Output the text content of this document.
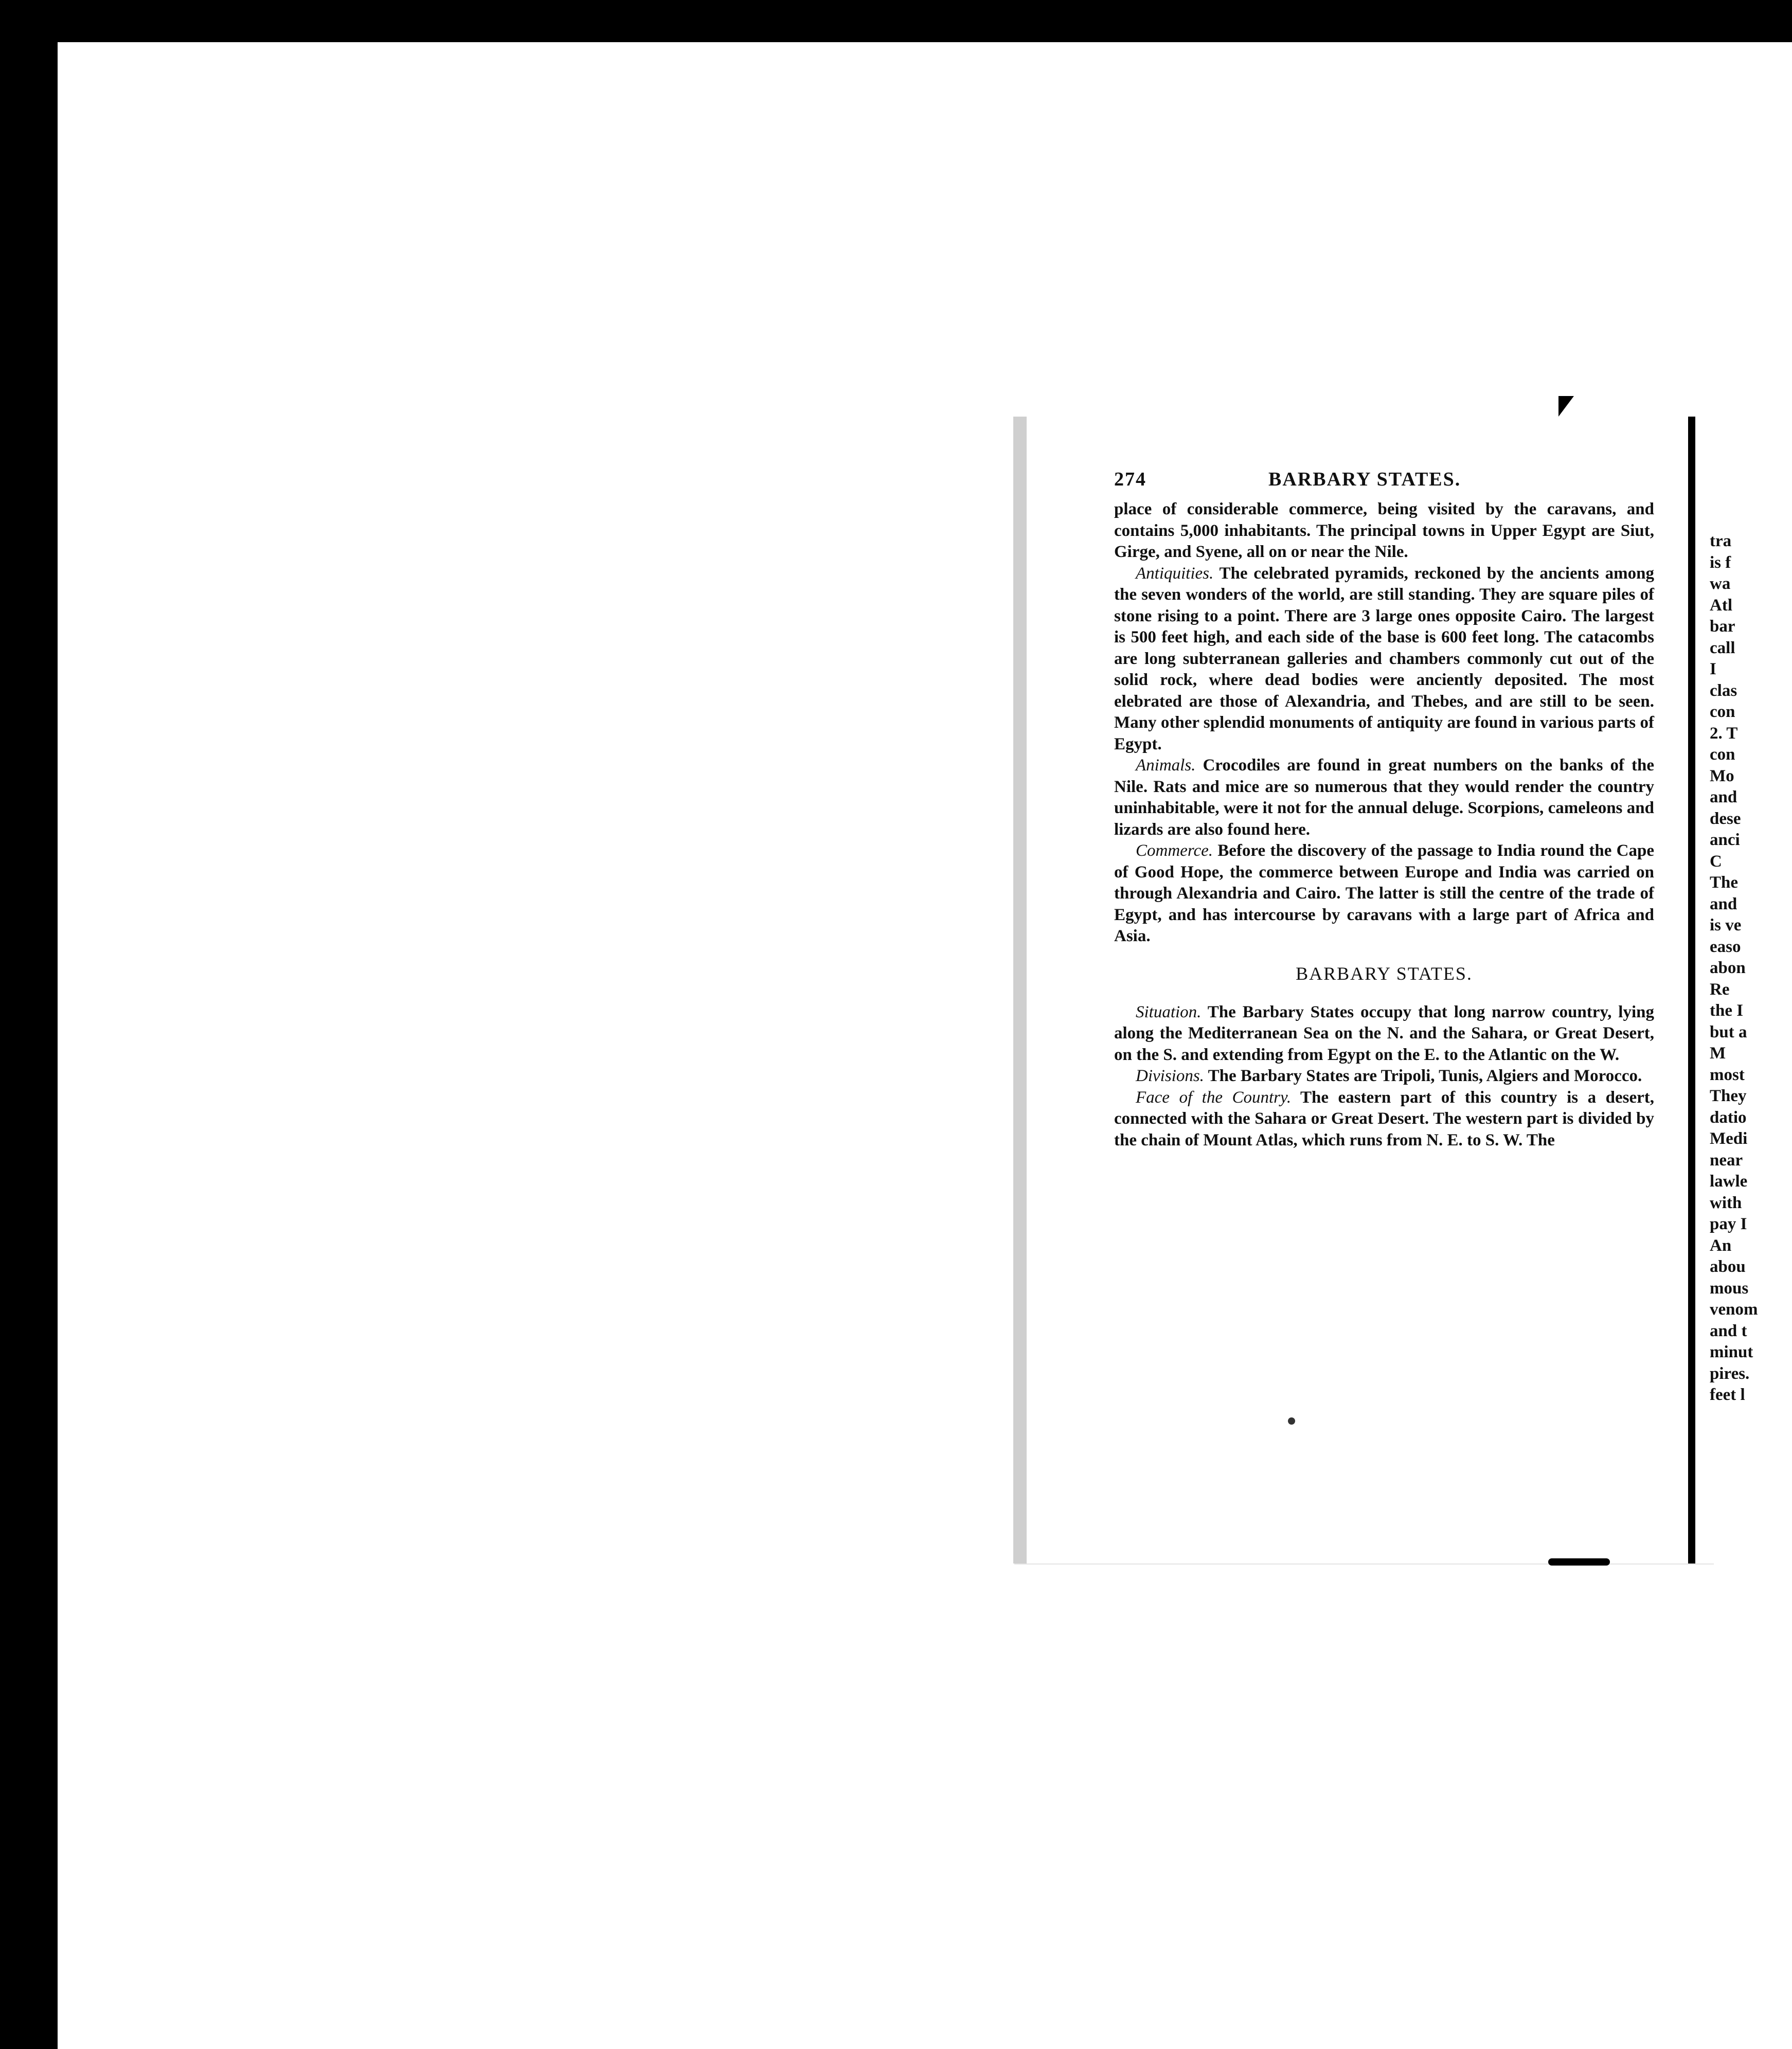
274	BARBARY STATES.

place of considerable commerce, being visited by the caravans, and contains 5,000 inhabitants. The principal towns in Upper Egypt are Siut, Girge, and Syene, all on or near the Nile.

Antiquities. The celebrated pyramids, reckoned by the ancients among the seven wonders of the world, are still standing. They are square piles of stone rising to a point. There are 3 large ones opposite Cairo. The largest is 500 feet high, and each side of the base is 600 feet long. The catacombs are long subterranean galleries and chambers commonly cut out of the solid rock, where dead bodies were anciently deposited. The most elebrated are those of Alexandria, and Thebes, and are still to be seen. Many other splendid monuments of antiquity are found in various parts of Egypt.

Animals. Crocodiles are found in great numbers on the banks of the Nile. Rats and mice are so numerous that they would render the country uninhabitable, were it not for the annual deluge. Scorpions, cameleons and lizards are also found here.

Commerce. Before the discovery of the passage to India round the Cape of Good Hope, the commerce between Europe and India was carried on through Alexandria and Cairo. The latter is still the centre of the trade of Egypt, and has intercourse by caravans with a large part of Africa and Asia.

BARBARY STATES.

Situation. The Barbary States occupy that long narrow country, lying along the Mediterranean Sea on the N. and the Sahara, or Great Desert, on the S. and extending from Egypt on the E. to the Atlantic on the W.

Divisions. The Barbary States are Tripoli, Tunis, Algiers and Morocco.

Face of the Country. The eastern part of this country is a desert, connected with the Sahara or Great Desert. The western part is divided by the chain of Mount Atlas, which runs from N. E. to S. W. The

tra
is f
wa
Atl
bar
call
I
clas
con
2. T
con
Mo
and
dese
anci
C
The
and
is ve
easo
abon
Re
the I
but a
M
most
They
datio
Medi
near
lawle
with
pay I
An
abou
mous
venom
and t
minut
pires.
feet l
